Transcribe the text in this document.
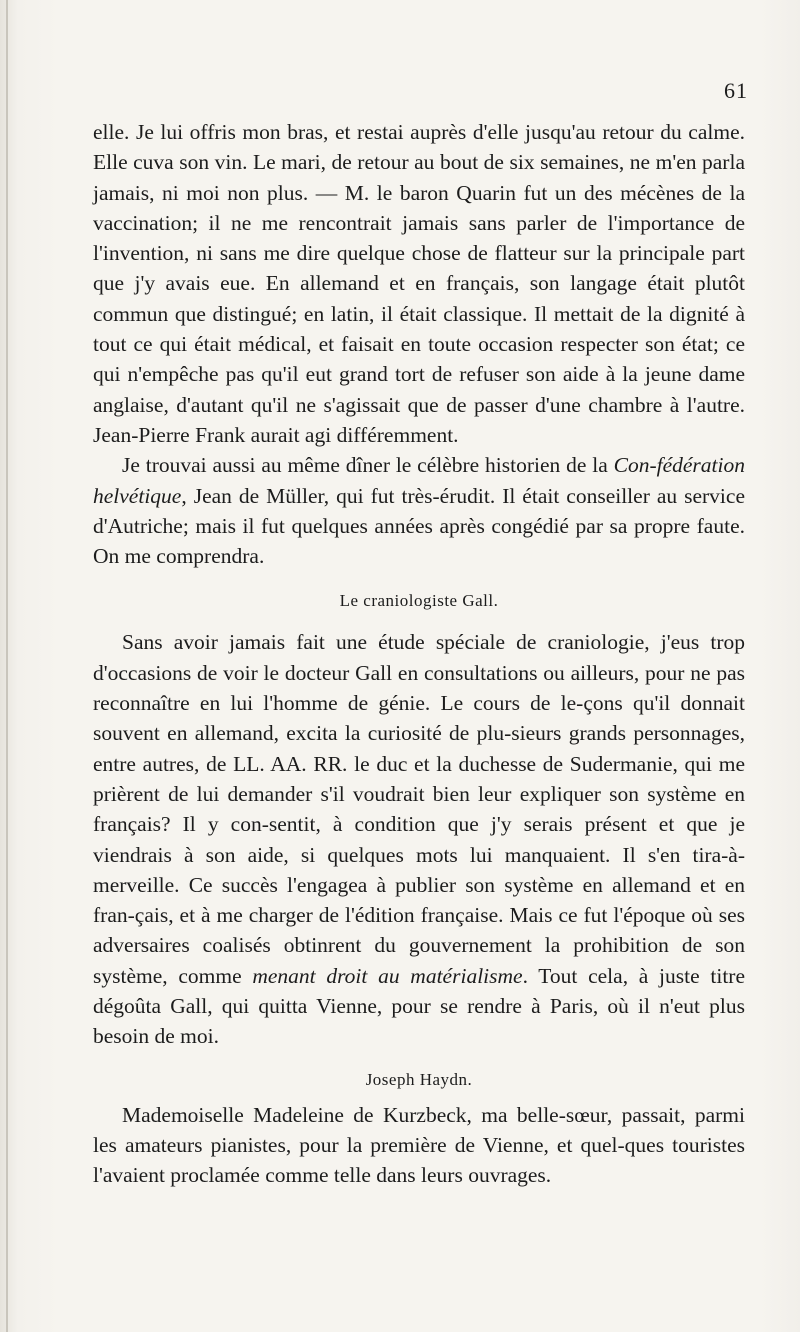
61

elle. Je lui offris mon bras, et restai auprès d'elle jusqu'au retour du calme. Elle cuva son vin. Le mari, de retour au bout de six semaines, ne m'en parla jamais, ni moi non plus. — M. le baron Quarin fut un des mécènes de la vaccination; il ne me rencontrait jamais sans parler de l'importance de l'invention, ni sans me dire quelque chose de flatteur sur la principale part que j'y avais eue. En allemand et en français, son langage était plutôt commun que distingué; en latin, il était classique. Il mettait de la dignité à tout ce qui était médical, et faisait en toute occasion respecter son état; ce qui n'empêche pas qu'il eut grand tort de refuser son aide à la jeune dame anglaise, d'autant qu'il ne s'agissait que de passer d'une chambre à l'autre. Jean-Pierre Frank aurait agi différemment.

Je trouvai aussi au même dîner le célèbre historien de la Con-fédération helvétique, Jean de Müller, qui fut très-érudit. Il était conseiller au service d'Autriche; mais il fut quelques années après congédié par sa propre faute. On me comprendra.

Le craniologiste Gall.

Sans avoir jamais fait une étude spéciale de craniologie, j'eus trop d'occasions de voir le docteur Gall en consultations ou ailleurs, pour ne pas reconnaître en lui l'homme de génie. Le cours de le-çons qu'il donnait souvent en allemand, excita la curiosité de plu-sieurs grands personnages, entre autres, de LL. AA. RR. le duc et la duchesse de Sudermanie, qui me prièrent de lui demander s'il voudrait bien leur expliquer son système en français? Il y con-sentit, à condition que j'y serais présent et que je viendrais à son aide, si quelques mots lui manquaient. Il s'en tira-à-merveille. Ce succès l'engagea à publier son système en allemand et en fran-çais, et à me charger de l'édition française. Mais ce fut l'époque où ses adversaires coalisés obtinrent du gouvernement la prohibition de son système, comme menant droit au matérialisme. Tout cela, à juste titre dégoûta Gall, qui quitta Vienne, pour se rendre à Paris, où il n'eut plus besoin de moi.

Joseph Haydn.

Mademoiselle Madeleine de Kurzbeck, ma belle-sœur, passait, parmi les amateurs pianistes, pour la première de Vienne, et quel-ques touristes l'avaient proclamée comme telle dans leurs ouvrages.
